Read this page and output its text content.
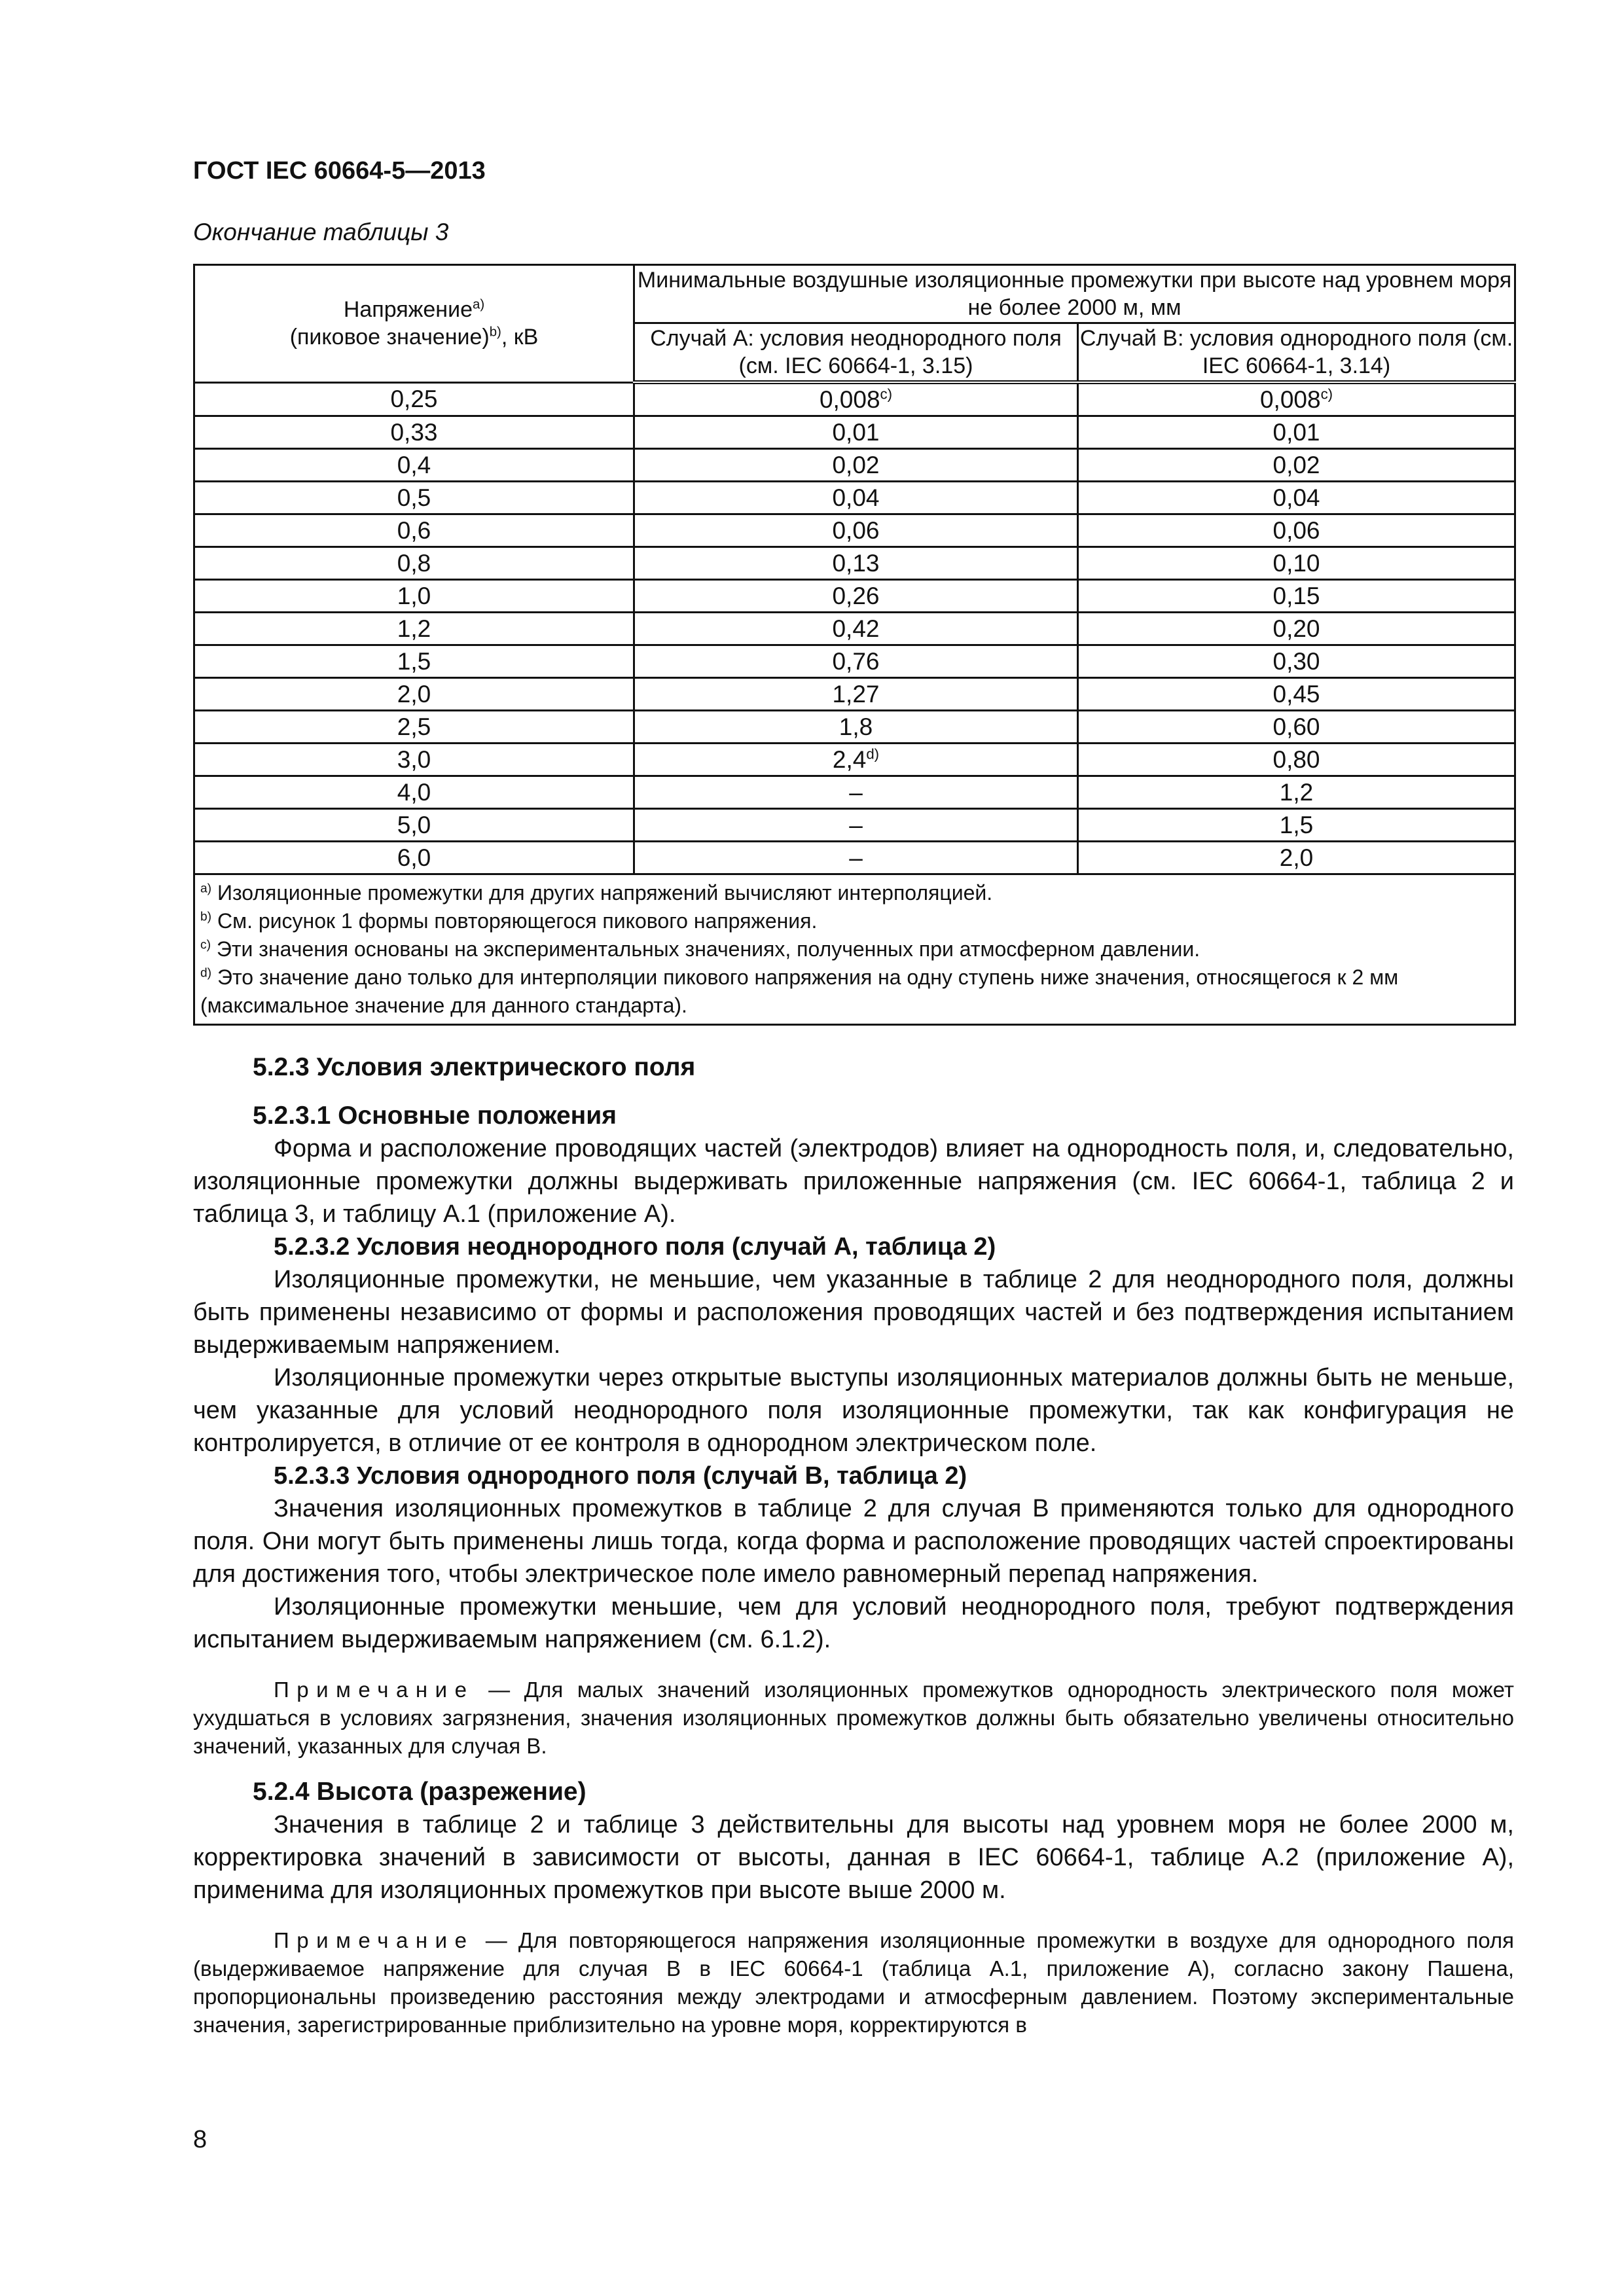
ГОСТ IEC 60664-5—2013
Окончание таблицы 3
Напряжение$^{a)}$
(пиковое значение)$^{b)}$, кВ	Минимальные воздушные изоляционные промежутки при высоте над уровнем моря не более 2000 м, мм	
	Случай А: условия неоднородного поля (см. IEC 60664-1, 3.15)	Случай В: условия однородного поля (см. IEC 60664-1, 3.14)
0,25	0,008$^{c)}$	0,008$^{c)}$
0,33	0,01	0,01
0,4	0,02	0,02
0,5	0,04	0,04
0,6	0,06	0,06
0,8	0,13	0,10
1,0	0,26	0,15
1,2	0,42	0,20
1,5	0,76	0,30
2,0	1,27	0,45
2,5	1,8	0,60
3,0	2,4$^{d)}$	0,80
4,0	–	1,2
5,0	–	1,5
6,0	–	2,0

$^{a)}$ Изоляционные промежутки для других напряжений вычисляют интерполяцией.
$^{b)}$ См. рисунок 1 формы повторяющегося пикового напряжения.
$^{c)}$ Эти значения основаны на экспериментальных значениях, полученных при атмосферном давлении.
$^{d)}$ Это значение дано только для интерполяции пикового напряжения на одну ступень ниже значения, относящегося к 2 мм (максимальное значение для данного стандарта).		

5.2.3 Условия электрического поля

5.2.3.1 Основные положения

Форма и расположение проводящих частей (электродов) влияет на однородность поля, и, следовательно, изоляционные промежутки должны выдерживать приложенные напряжения (см. IEC 60664-1, таблица 2 и таблица 3, и таблицу А.1 (приложение А).

5.2.3.2 Условия неоднородного поля (случай А, таблица 2)

Изоляционные промежутки, не меньшие, чем указанные в таблице 2 для неоднородного поля, должны быть применены независимо от формы и расположения проводящих частей и без подтверждения испытанием выдерживаемым напряжением.

Изоляционные промежутки через открытые выступы изоляционных материалов должны быть не меньше, чем указанные для условий неоднородного поля изоляционные промежутки, так как конфигурация не контролируется, в отличие от ее контроля в однородном электрическом поле.

5.2.3.3 Условия однородного поля (случай В, таблица 2)

Значения изоляционных промежутков в таблице 2 для случая В применяются только для однородного поля. Они могут быть применены лишь тогда, когда форма и расположение проводящих частей спроектированы для достижения того, чтобы электрическое поле имело равномерный перепад напряжения.

Изоляционные промежутки меньшие, чем для условий неоднородного поля, требуют подтверждения испытанием выдерживаемым напряжением (см. 6.1.2).

Примечание — Для малых значений изоляционных промежутков однородность электрического поля может ухудшаться в условиях загрязнения, значения изоляционных промежутков должны быть обязательно увеличены относительно значений, указанных для случая В.

5.2.4 Высота (разрежение)

Значения в таблице 2 и таблице 3 действительны для высоты над уровнем моря не более 2000 м, корректировка значений в зависимости от высоты, данная в IEC 60664-1, таблице А.2 (приложение А), применима для изоляционных промежутков при высоте выше 2000 м.

Примечание — Для повторяющегося напряжения изоляционные промежутки в воздухе для однородного поля (выдерживаемое напряжение для случая В в IEC 60664-1 (таблица А.1, приложение А), согласно закону Пашена, пропорциональны произведению расстояния между электродами и атмосферным давлением. Поэтому экспериментальные значения, зарегистрированные приблизительно на уровне моря, корректируются в

8
